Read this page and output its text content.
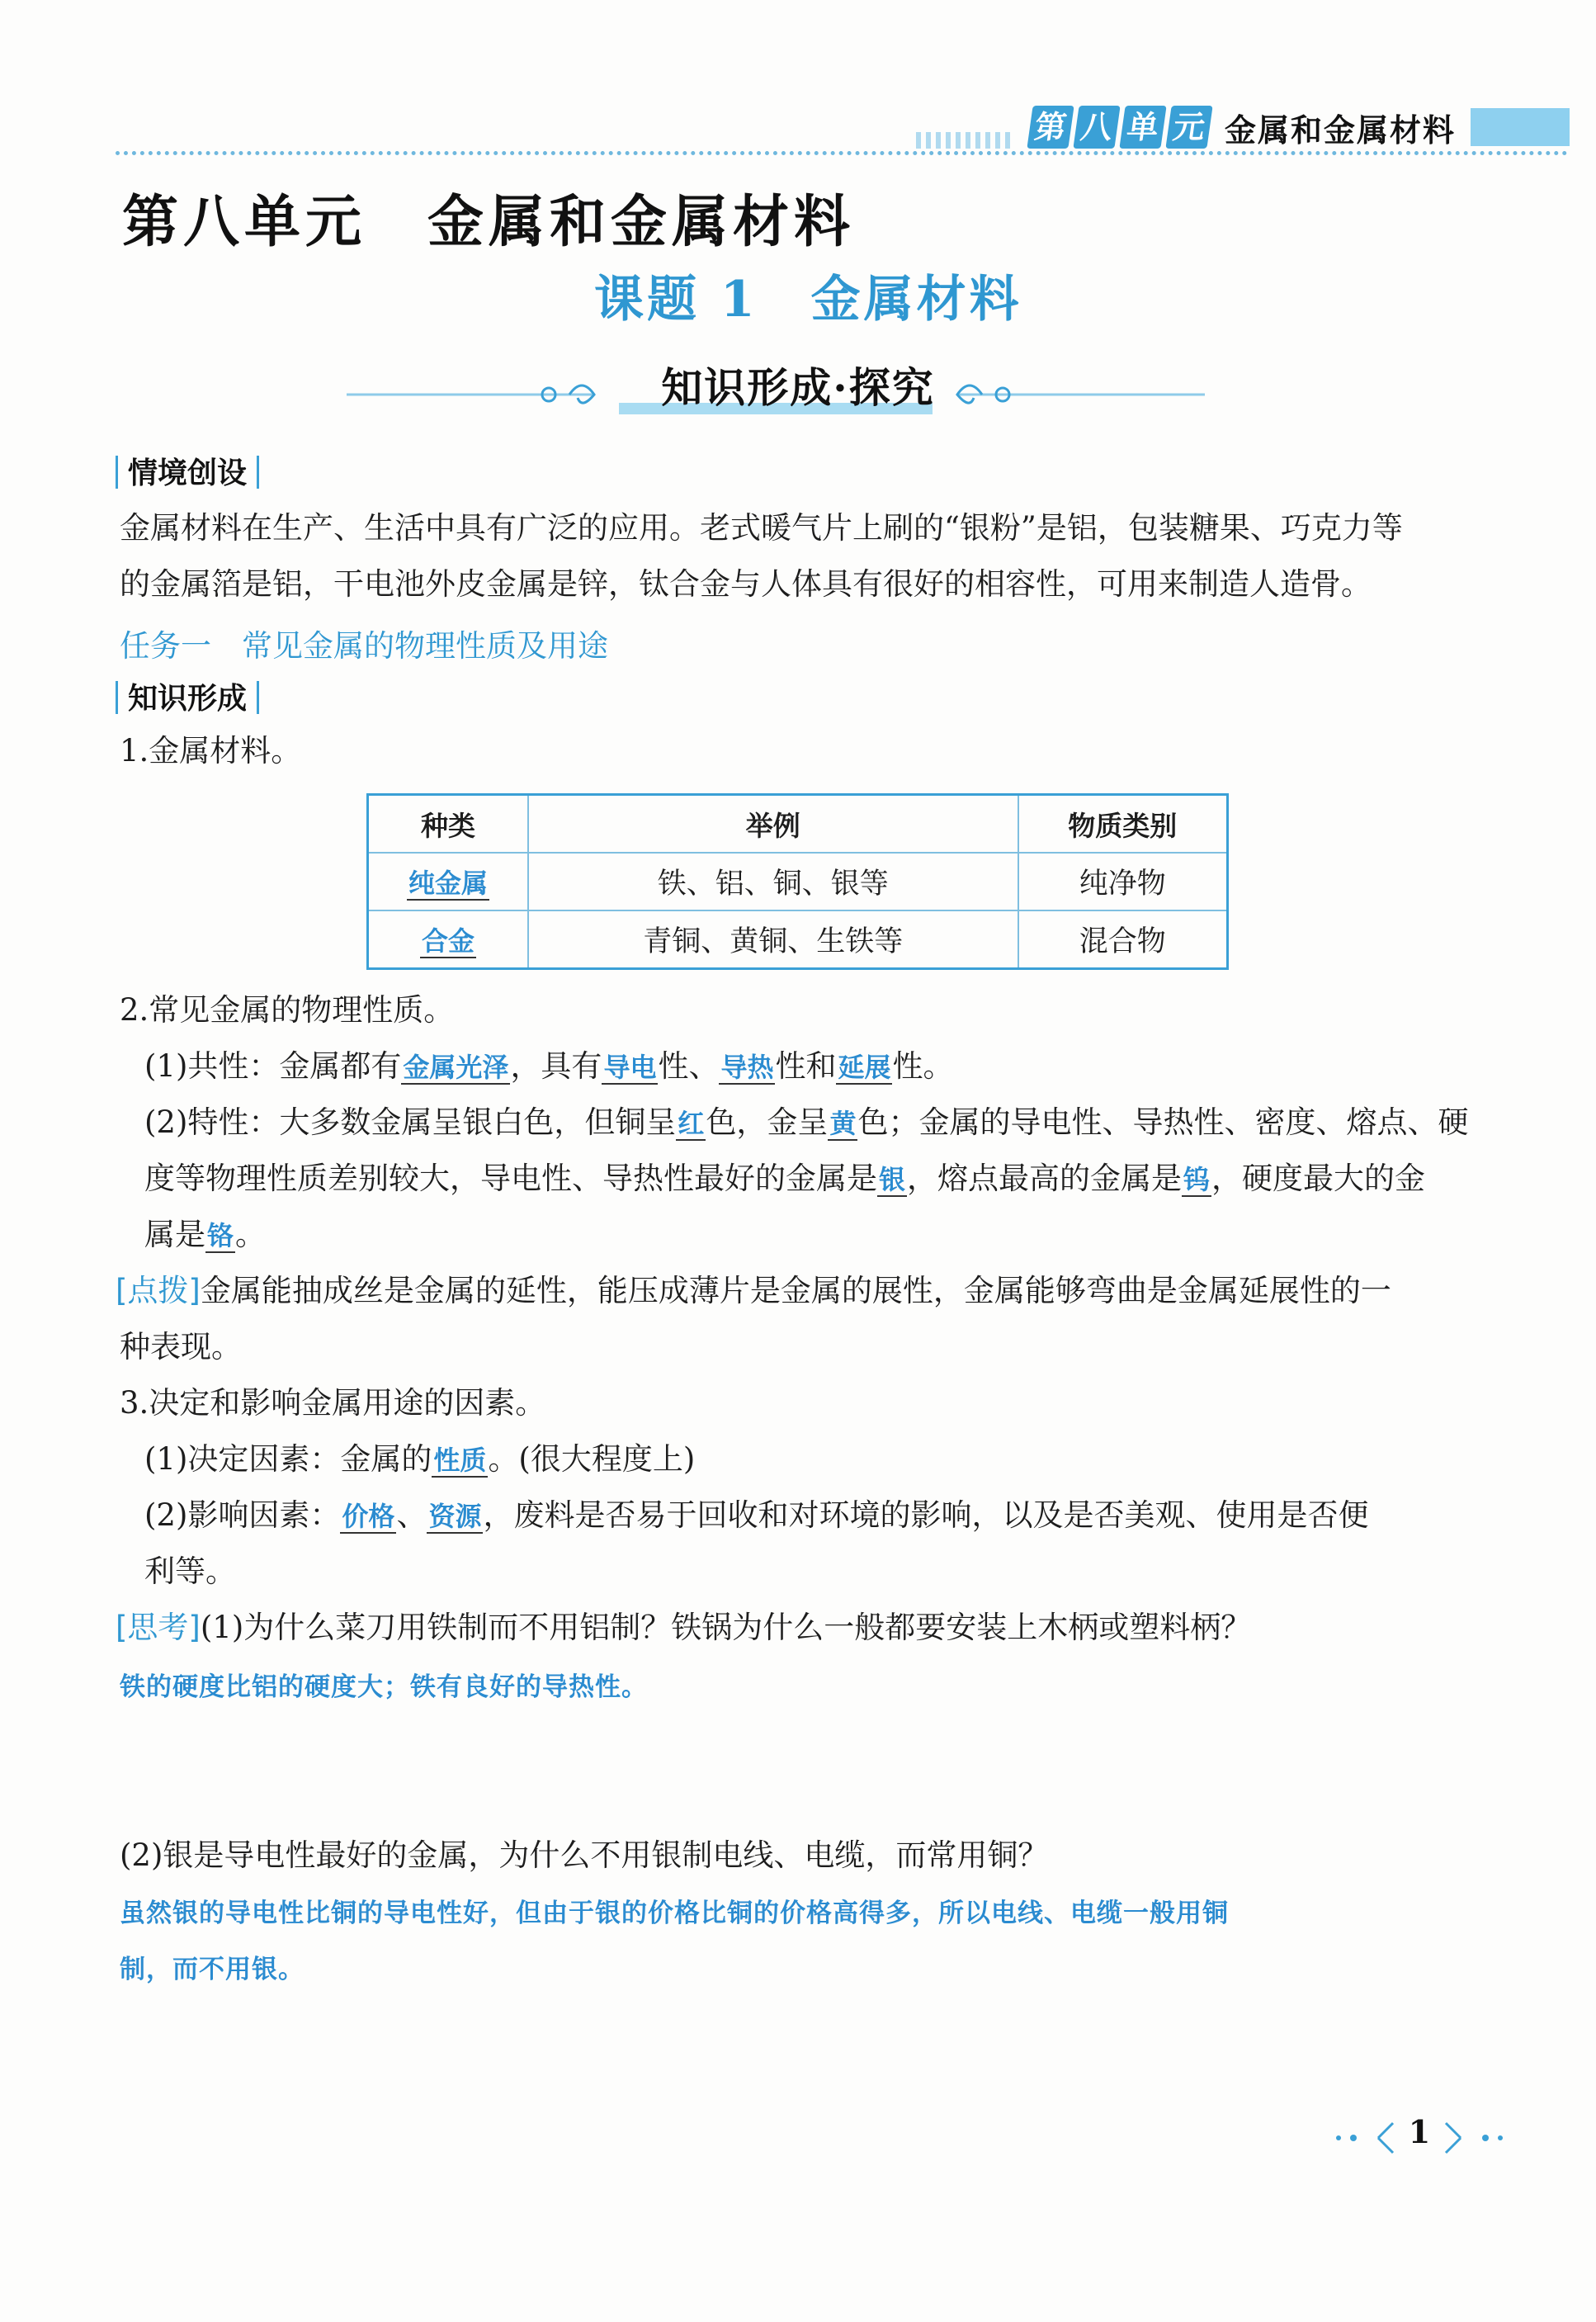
第 八 单 元 金属和金属材料
第八单元　金属和金属材料
课题 1　金属材料
知识形成·探究
情境创设
金属材料在生产、生活中具有广泛的应用。老式暖气片上刷的“银粉”是铝，包装糖果、巧克力等
的金属箔是铝，干电池外皮金属是锌，钛合金与人体具有很好的相容性，可用来制造人造骨。
任务一　常见金属的物理性质及用途
知识形成
1.金属材料。
种类	举例	物质类别
纯金属	铁、铝、铜、银等	纯净物
合金	青铜、黄铜、生铁等	混合物
2.常见金属的物理性质。
(1)共性：金属都有金属光泽，具有导电性、导热性和延展性。
(2)特性：大多数金属呈银白色，但铜呈红色，金呈黄色；金属的导电性、导热性、密度、熔点、硬
度等物理性质差别较大，导电性、导热性最好的金属是银，熔点最高的金属是钨，硬度最大的金
属是铬。
[点拨]金属能抽成丝是金属的延性，能压成薄片是金属的展性，金属能够弯曲是金属延展性的一
种表现。
3.决定和影响金属用途的因素。
(1)决定因素：金属的性质。(很大程度上)
(2)影响因素：价格、资源，废料是否易于回收和对环境的影响，以及是否美观、使用是否便
利等。
[思考](1)为什么菜刀用铁制而不用铝制？铁锅为什么一般都要安装上木柄或塑料柄？
铁的硬度比铝的硬度大；铁有良好的导热性。
(2)银是导电性最好的金属，为什么不用银制电线、电缆，而常用铜？
虽然银的导电性比铜的导电性好，但由于银的价格比铜的价格高得多，所以电线、电缆一般用铜
制，而不用银。
1
